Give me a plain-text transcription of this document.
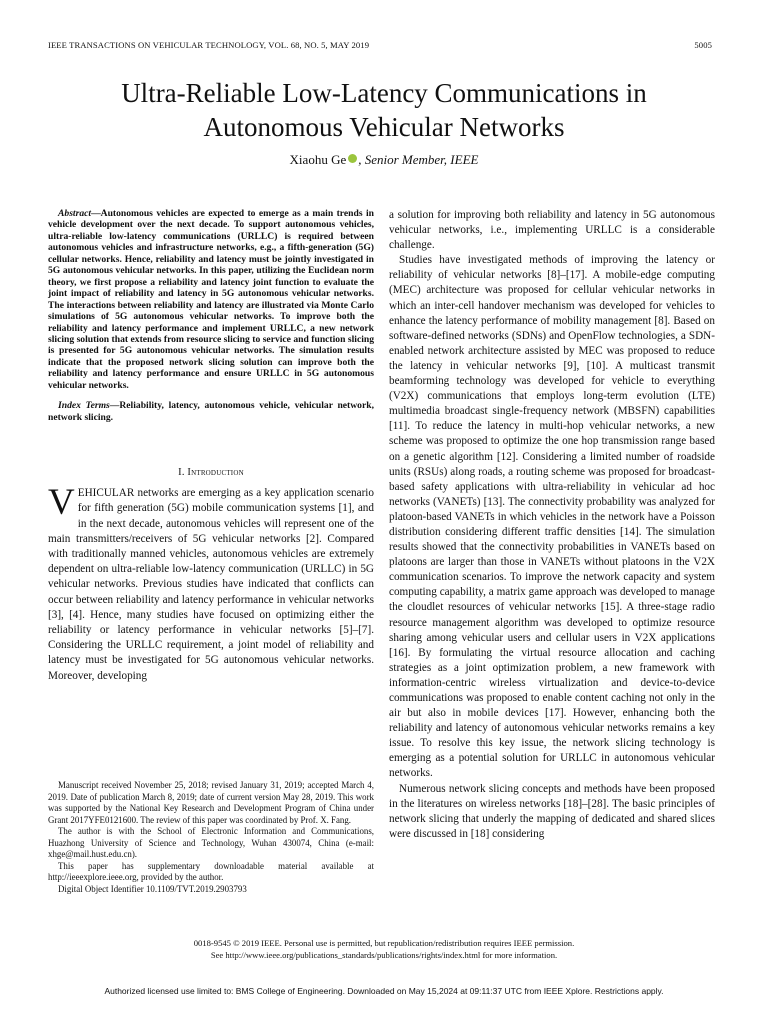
IEEE TRANSACTIONS ON VEHICULAR TECHNOLOGY, VOL. 68, NO. 5, MAY 2019	5005
Ultra-Reliable Low-Latency Communications in
Autonomous Vehicular Networks
Xiaohu Ge , Senior Member, IEEE

Abstract—Autonomous vehicles are expected to emerge as a main trends in vehicle development over the next decade. To support autonomous vehicles, ultra-reliable low-latency communications (URLLC) is required between autonomous vehicles and infrastructure networks, e.g., a fifth-generation (5G) cellular networks. Hence, reliability and latency must be jointly investigated in 5G autonomous vehicular networks. In this paper, utilizing the Euclidean norm theory, we first propose a reliability and latency joint function to evaluate the joint impact of reliability and latency in 5G autonomous vehicular networks. The interactions between reliability and latency are illustrated via Monte Carlo simulations of 5G autonomous vehicular networks. To improve both the reliability and latency performance and implement URLLC, a new network slicing solution that extends from resource slicing to service and function slicing is presented for 5G autonomous vehicular networks. The simulation results indicate that the proposed network slicing solution can improve both the reliability and latency performance and ensure URLLC in 5G autonomous vehicular networks.

Index Terms—Reliability, latency, autonomous vehicle, vehicular network, network slicing.

I. Introduction

VEHICULAR networks are emerging as a key application scenario for fifth generation (5G) mobile communication systems [1], and in the next decade, autonomous vehicles will represent one of the main transmitters/receivers of 5G vehicular networks [2]. Compared with traditionally manned vehicles, autonomous vehicles are extremely dependent on ultra-reliable low-latency communication (URLLC) in 5G vehicular networks. Previous studies have indicated that conflicts can occur between reliability and latency performance in vehicular networks [3], [4]. Hence, many studies have focused on optimizing either the reliability or latency performance in vehicular networks [5]–[7]. Considering the URLLC requirement, a joint model of reliability and latency must be investigated for 5G autonomous vehicular networks. Moreover, developing

a solution for improving both reliability and latency in 5G autonomous vehicular networks, i.e., implementing URLLC is a considerable challenge.

Studies have investigated methods of improving the latency or reliability of vehicular networks [8]–[17]. A mobile-edge computing (MEC) architecture was proposed for cellular vehicular networks in which an inter-cell handover mechanism was developed for vehicles to enhance the latency performance of mobility management [8]. Based on software-defined networks (SDNs) and OpenFlow technologies, a SDN-enabled network architecture assisted by MEC was proposed to reduce the latency in vehicular networks [9], [10]. A multicast transmit beamforming technology was developed for vehicle to everything (V2X) communications that employs long-term evolution (LTE) multimedia broadcast single-frequency network (MBSFN) capabilities [11]. To reduce the latency in multi-hop vehicular networks, a new scheme was proposed to optimize the one hop transmission range based on a genetic algorithm [12]. Considering a limited number of roadside units (RSUs) along roads, a routing scheme was proposed for broadcast-based safety applications with ultra-reliability in vehicular ad hoc networks (VANETs) [13]. The connectivity probability was analyzed for platoon-based VANETs in which vehicles in the network have a Poisson distribution considering different traffic densities [14]. The simulation results showed that the connectivity probabilities in VANETs based on platoons are larger than those in VANETs without platoons in the V2X communication scenarios. To improve the network capacity and system computing capability, a matrix game approach was developed to manage the cloudlet resources of vehicular networks [15]. A three-stage radio resource management algorithm was developed to optimize resource sharing among vehicular users and cellular users in V2X applications [16]. By formulating the virtual resource allocation and caching strategies as a joint optimization problem, a new framework with information-centric wireless virtualization and device-to-device communications was proposed to enable content caching not only in the air but also in mobile devices [17]. However, enhancing both the reliability and latency of autonomous vehicular networks remains a key issue. To resolve this key issue, the network slicing technology is emerging as a potential solution for URLLC in autonomous vehicular networks.

Numerous network slicing concepts and methods have been proposed in the literatures on wireless networks [18]–[28]. The basic principles of network slicing that underly the mapping of dedicated and shared slices were discussed in [18] considering

Manuscript received November 25, 2018; revised January 31, 2019; accepted March 4, 2019. Date of publication March 8, 2019; date of current version May 28, 2019. This work was supported by the National Key Research and Development Program of China under Grant 2017YFE0121600. The review of this paper was coordinated by Prof. X. Fang.

The author is with the School of Electronic Information and Communications, Huazhong University of Science and Technology, Wuhan 430074, China (e-mail: xhge@mail.hust.edu.cn).

This paper has supplementary downloadable material available at http://ieeexplore.ieee.org, provided by the author.

Digital Object Identifier 10.1109/TVT.2019.2903793

0018-9545 © 2019 IEEE. Personal use is permitted, but republication/redistribution requires IEEE permission.
See http://www.ieee.org/publications_standards/publications/rights/index.html for more information.
Authorized licensed use limited to: BMS College of Engineering. Downloaded on May 15,2024 at 09:11:37 UTC from IEEE Xplore. Restrictions apply.
